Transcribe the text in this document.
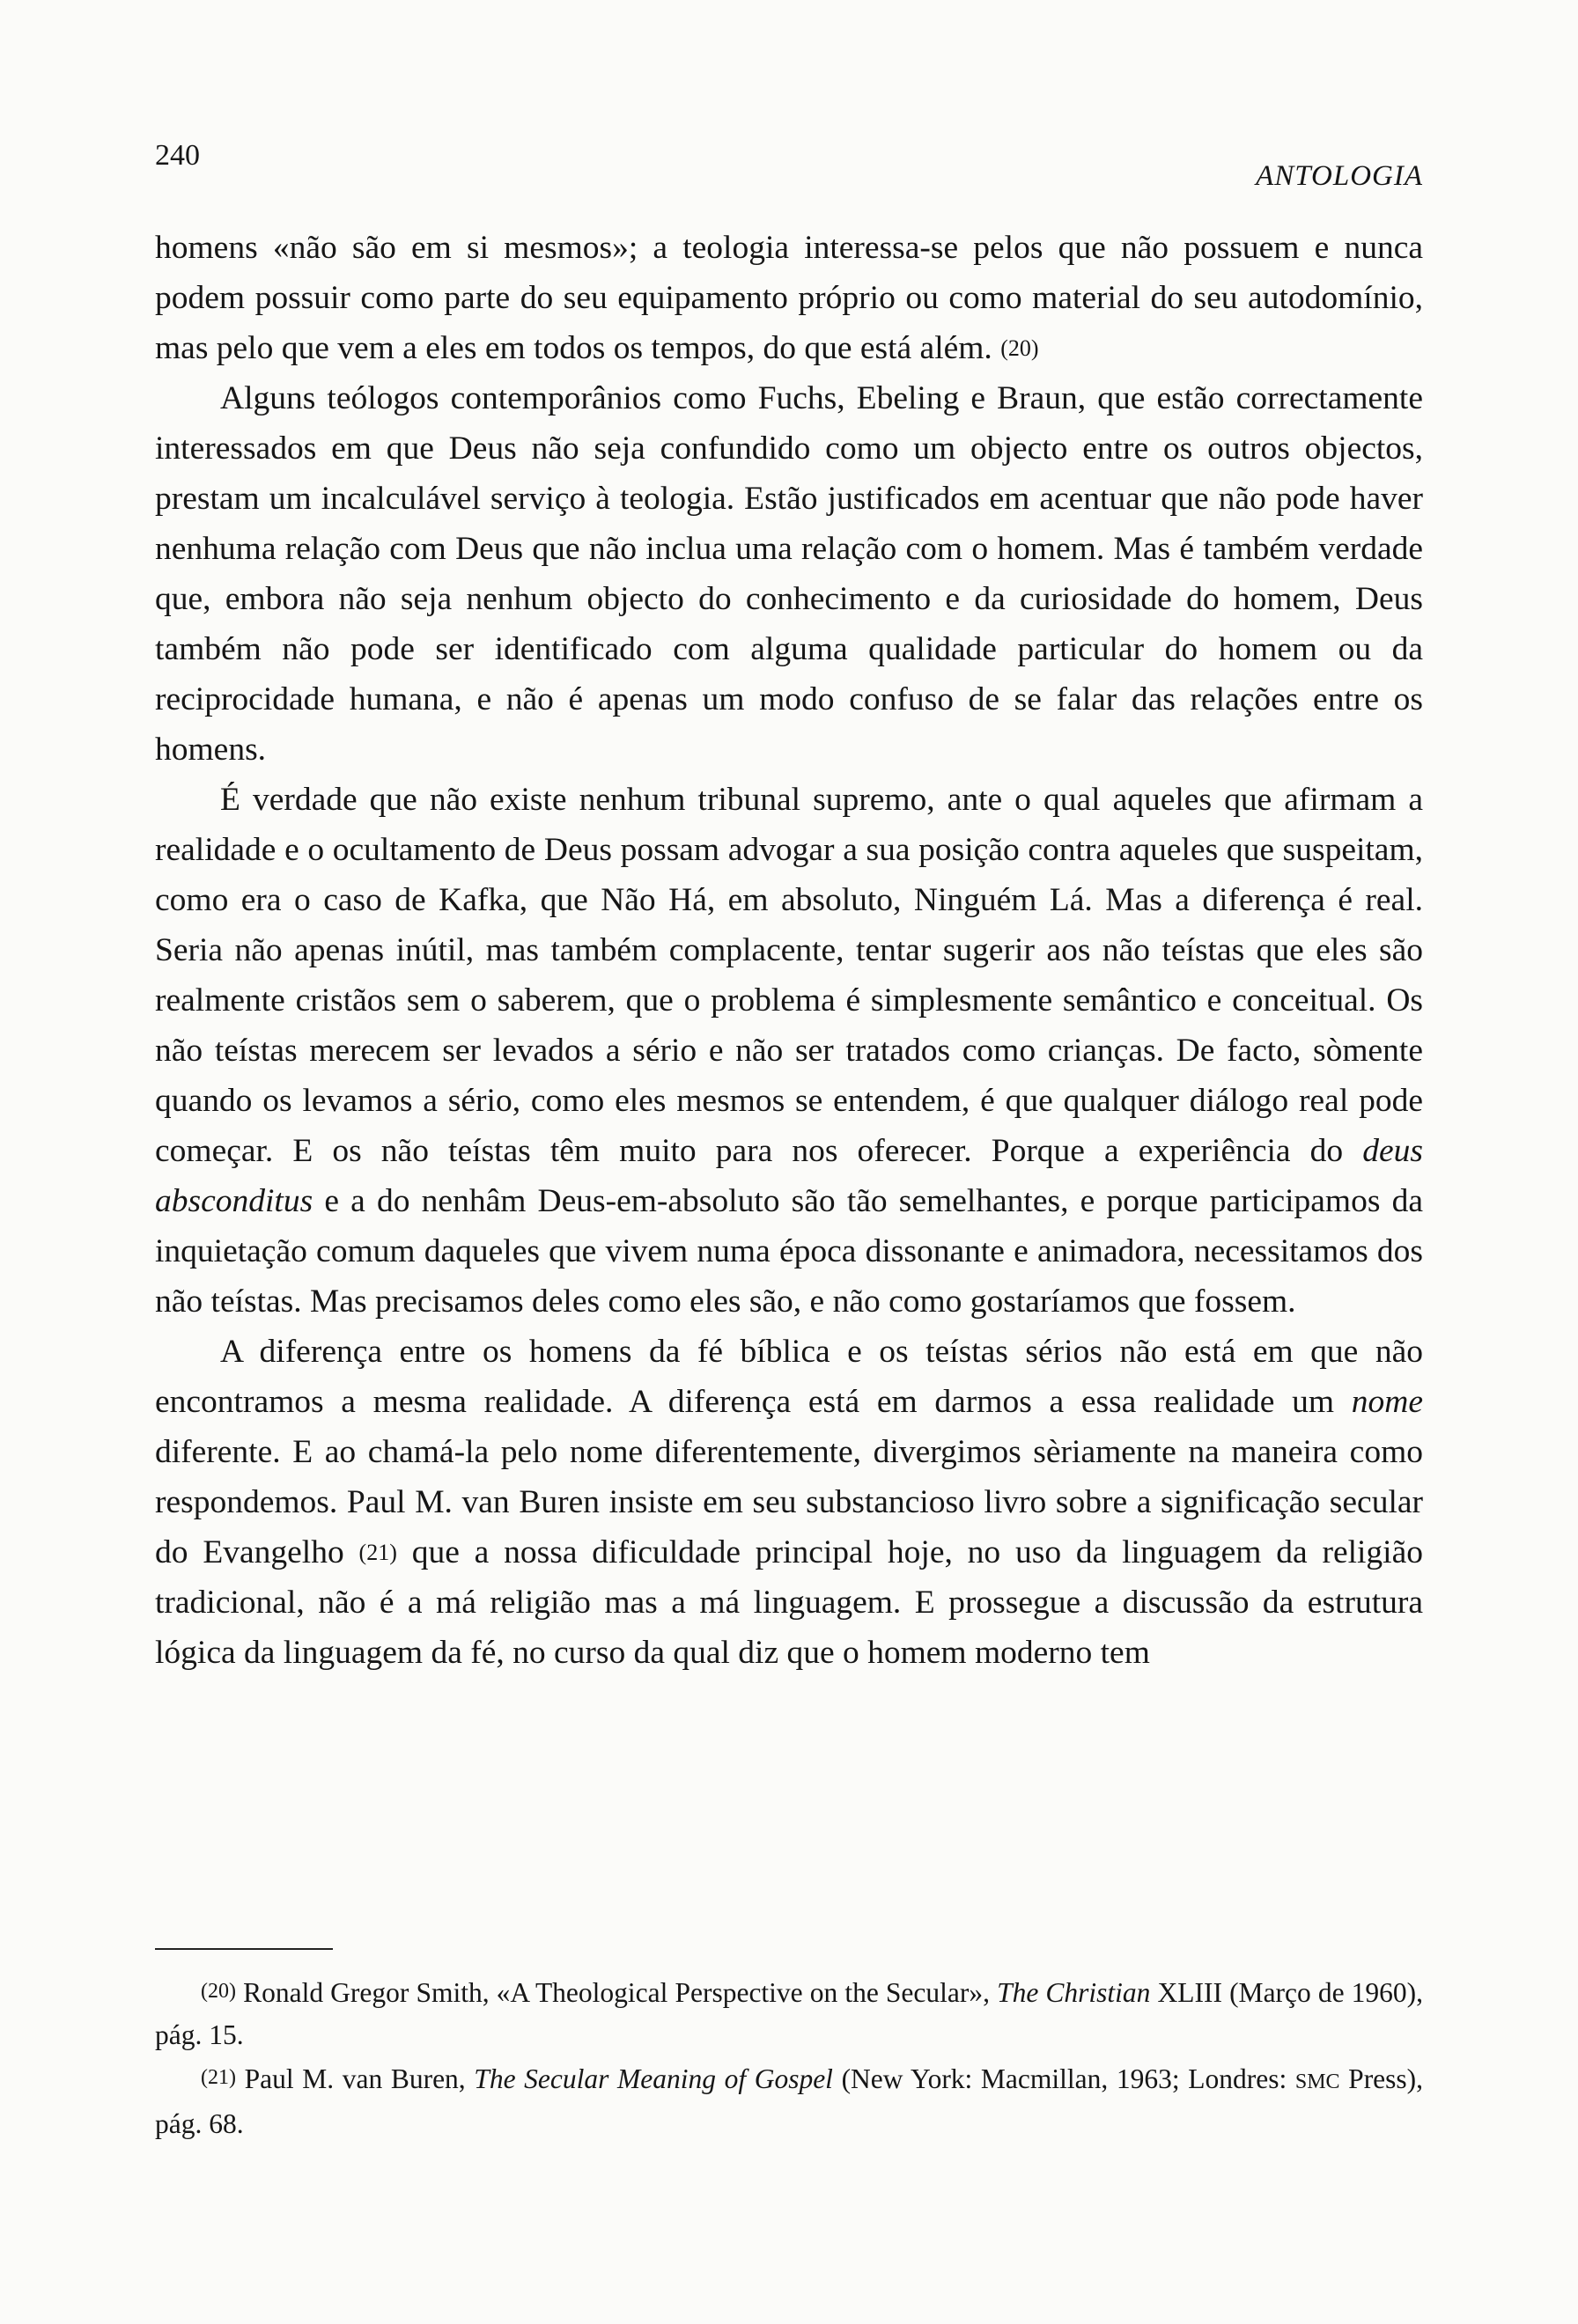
240
ANTOLOGIA

homens «não são em si mesmos»; a teologia interessa-se pelos que não possuem e nunca podem possuir como parte do seu equipamento próprio ou como material do seu autodomínio, mas pelo que vem a eles em todos os tempos, do que está além. (20)

Alguns teólogos contemporânios como Fuchs, Ebeling e Braun, que estão correctamente interessados em que Deus não seja confundido como um objecto entre os outros objectos, prestam um incalculável serviço à teologia. Estão justificados em acentuar que não pode haver nenhuma relação com Deus que não inclua uma relação com o homem. Mas é também verdade que, embora não seja nenhum objecto do conhecimento e da curiosidade do homem, Deus também não pode ser identificado com alguma qualidade particular do homem ou da reciprocidade humana, e não é apenas um modo confuso de se falar das relações entre os homens.

É verdade que não existe nenhum tribunal supremo, ante o qual aqueles que afirmam a realidade e o ocultamento de Deus possam advogar a sua posição contra aqueles que suspeitam, como era o caso de Kafka, que Não Há, em absoluto, Ninguém Lá. Mas a diferença é real. Seria não apenas inútil, mas também complacente, tentar sugerir aos não teístas que eles são realmente cristãos sem o saberem, que o problema é simplesmente semântico e conceitual. Os não teístas merecem ser levados a sério e não ser tratados como crianças. De facto, sòmente quando os levamos a sério, como eles mesmos se entendem, é que qualquer diálogo real pode começar. E os não teístas têm muito para nos oferecer. Porque a experiência do deus absconditus e a do nenhâm Deus-em-absoluto são tão semelhantes, e porque participamos da inquietação comum daqueles que vivem numa época dissonante e animadora, necessitamos dos não teístas. Mas precisamos deles como eles são, e não como gostaríamos que fossem.

A diferença entre os homens da fé bíblica e os teístas sérios não está em que não encontramos a mesma realidade. A diferença está em darmos a essa realidade um nome diferente. E ao chamá-la pelo nome diferentemente, divergimos sèriamente na maneira como respondemos. Paul M. van Buren insiste em seu substancioso livro sobre a significação secular do Evangelho (21) que a nossa dificuldade principal hoje, no uso da linguagem da religião tradicional, não é a má religião mas a má linguagem. E prossegue a discussão da estrutura lógica da linguagem da fé, no curso da qual diz que o homem moderno tem

(20) Ronald Gregor Smith, «A Theological Perspective on the Secular», The Christian XLIII (Março de 1960), pág. 15.

(21) Paul M. van Buren, The Secular Meaning of Gospel (New York: Macmillan, 1963; Londres: SMC Press), pág. 68.
